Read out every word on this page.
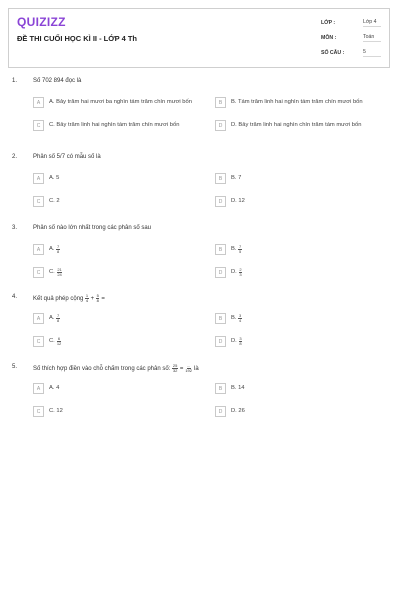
QUIZIZZ
ĐỀ THI CUỐI HỌC KÌ II - LỚP 4 Th
LỚP :	Lớp 4
MÔN :	Toán
SỐ CÂU :	5
1.	Số 702 894 đọc là
A	A. Bảy trăm hai mươi ba nghìn tám trăm chín mươi bốn	B	B. Tám trăm linh hai nghìn tám trăm chín mươi bốn
C	C. Bảy trăm linh hai nghìn tám trăm chín mươi bốn	D	D. Bảy trăm linh hai nghìn chín trăm tám mươi bốn
2.	Phân số 5/7 có mẫu số là
A	A. 5	B	B. 7
C	C. 2	D	D. 12
3.	Phân số nào lớn nhất trong các phân số sau
A	A. $\frac{7}{8}$	B	B. $\frac{7}{5}$
C	C. $\frac{21}{24}$	D	D. $\frac{2}{3}$
4.	Kết quả phép cộng $\frac{1}{4} + \frac{5}{8}$ =
A	A. $\frac{7}{8}$	B	B. $\frac{3}{4}$
C	C. $\frac{6}{12}$	D	D. $\frac{3}{8}$
5.	Số thích hợp điền vào chỗ chấm trong các phân số: $\frac{25}{32} = \frac{...}{192}$ là
A	A. 4	B	B. 14
C	C. 12	D	D. 26
